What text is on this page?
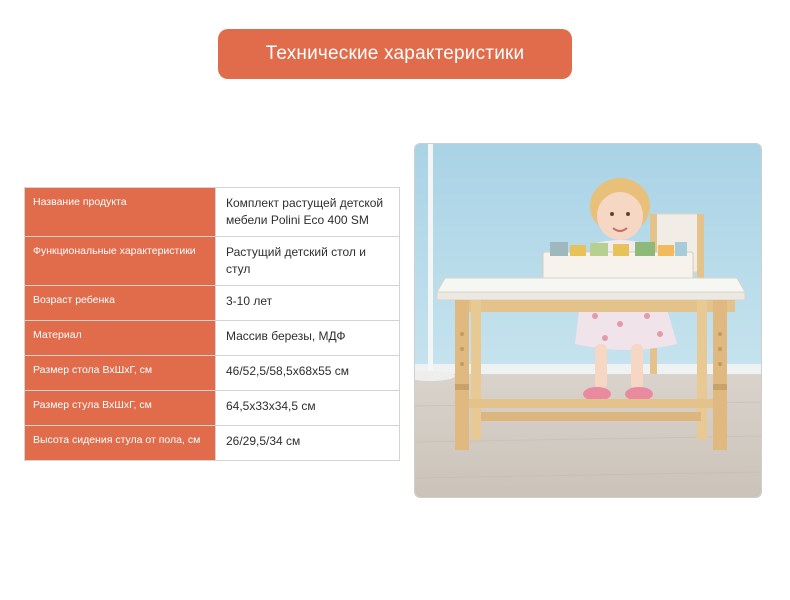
Технические характеристики
Название продукта	Комплект растущей детской мебели Polini Eco 400 SM
Функциональные характеристики	Растущий детский стол и стул
Возраст ребенка	3-10 лет
Материал	Массив березы, МДФ
Размер стола ВхШхГ, см	46/52,5/58,5х68х55 см
Размер стула ВхШхГ, см	64,5х33х34,5 см
Высота сидения стула от пола, см	26/29,5/34 см
